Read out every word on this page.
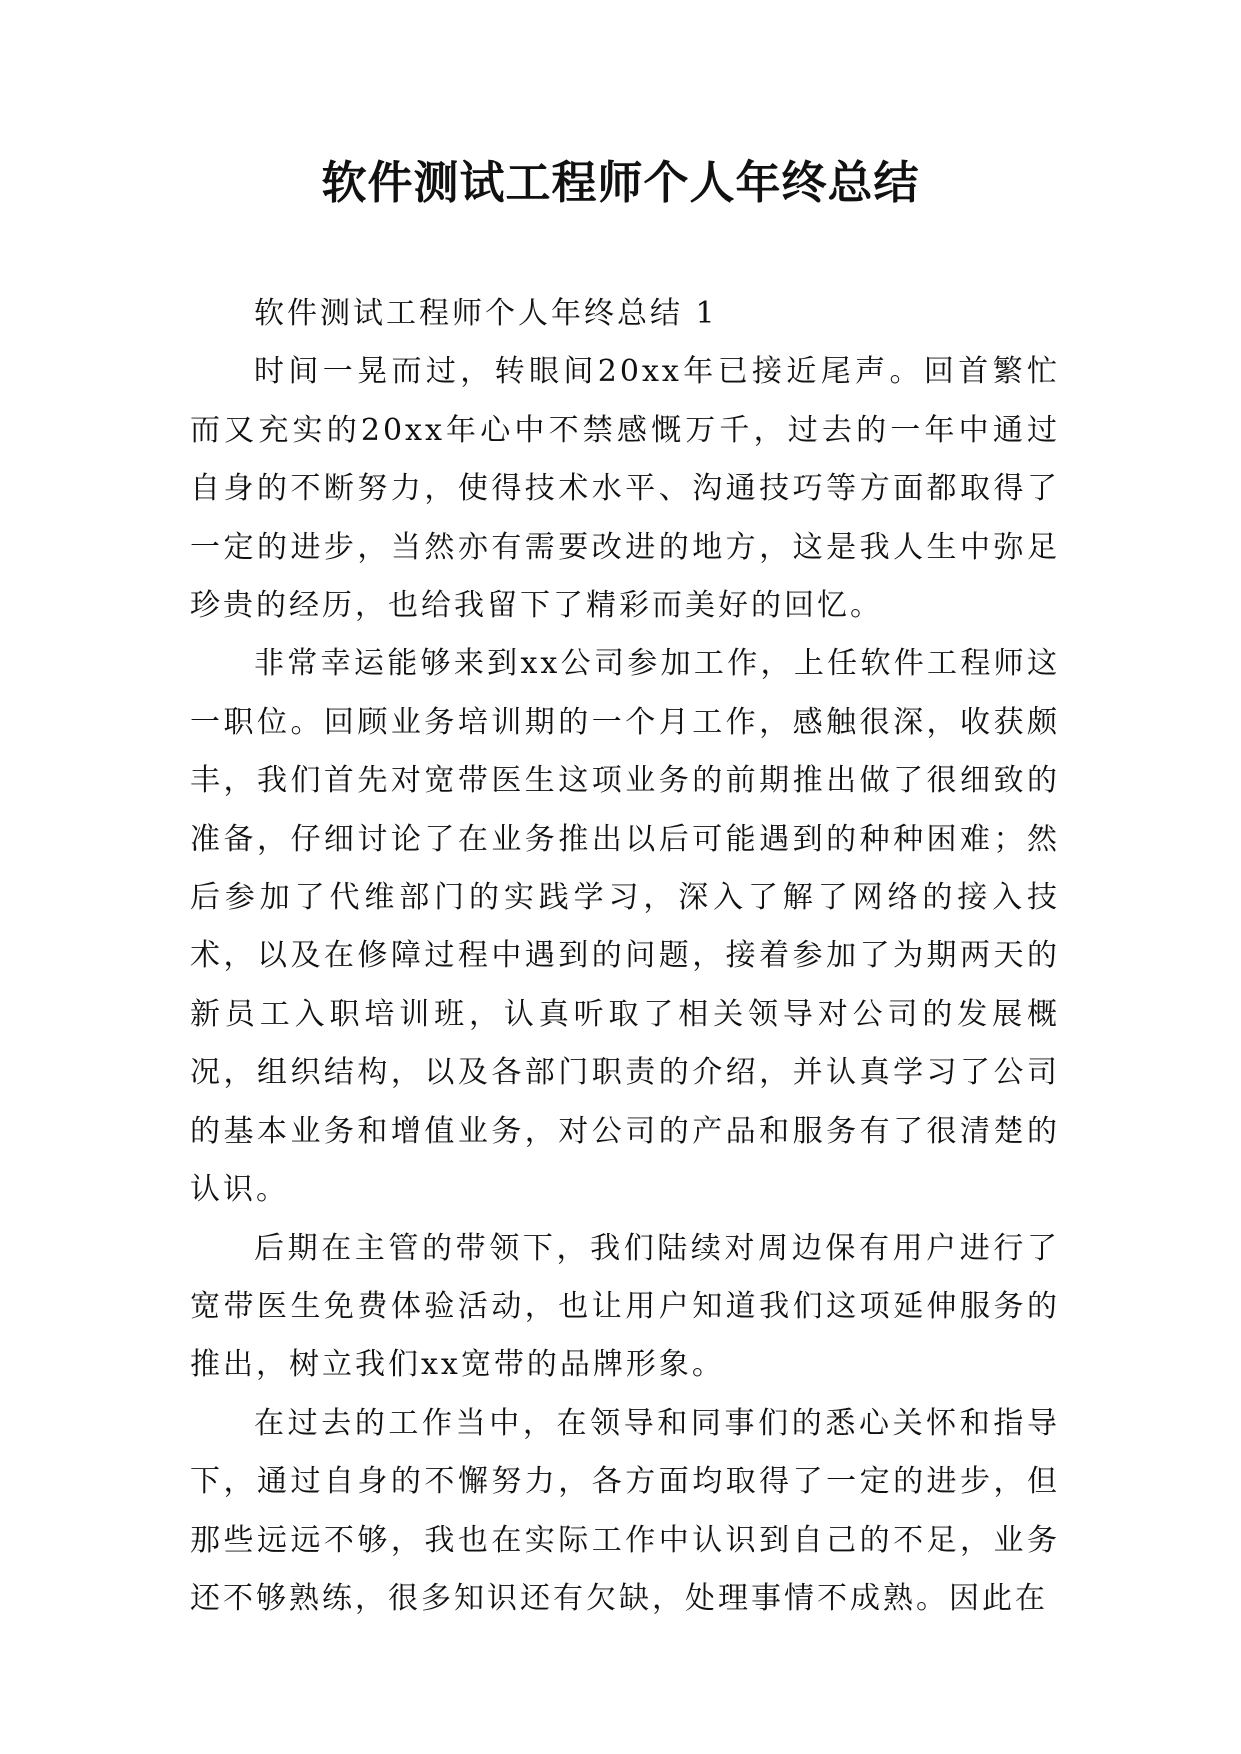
软件测试工程师个人年终总结

软件测试工程师个人年终总结 1

时间一晃而过，转眼间20xx年已接近尾声。回首繁忙而又充实的20xx年心中不禁感慨万千，过去的一年中通过自身的不断努力，使得技术水平、沟通技巧等方面都取得了一定的进步，当然亦有需要改进的地方，这是我人生中弥足珍贵的经历，也给我留下了精彩而美好的回忆。

非常幸运能够来到xx公司参加工作，上任软件工程师这一职位。回顾业务培训期的一个月工作，感触很深，收获颇丰，我们首先对宽带医生这项业务的前期推出做了很细致的准备，仔细讨论了在业务推出以后可能遇到的种种困难；然后参加了代维部门的实践学习，深入了解了网络的接入技术，以及在修障过程中遇到的问题，接着参加了为期两天的新员工入职培训班，认真听取了相关领导对公司的发展概况，组织结构，以及各部门职责的介绍，并认真学习了公司的基本业务和增值业务，对公司的产品和服务有了很清楚的认识。

后期在主管的带领下，我们陆续对周边保有用户进行了宽带医生免费体验活动，也让用户知道我们这项延伸服务的推出，树立我们xx宽带的品牌形象。

在过去的工作当中，在领导和同事们的悉心关怀和指导下，通过自身的不懈努力，各方面均取得了一定的进步，但那些远远不够，我也在实际工作中认识到自己的不足，业务还不够熟练，很多知识还有欠缺，处理事情不成熟。因此在
